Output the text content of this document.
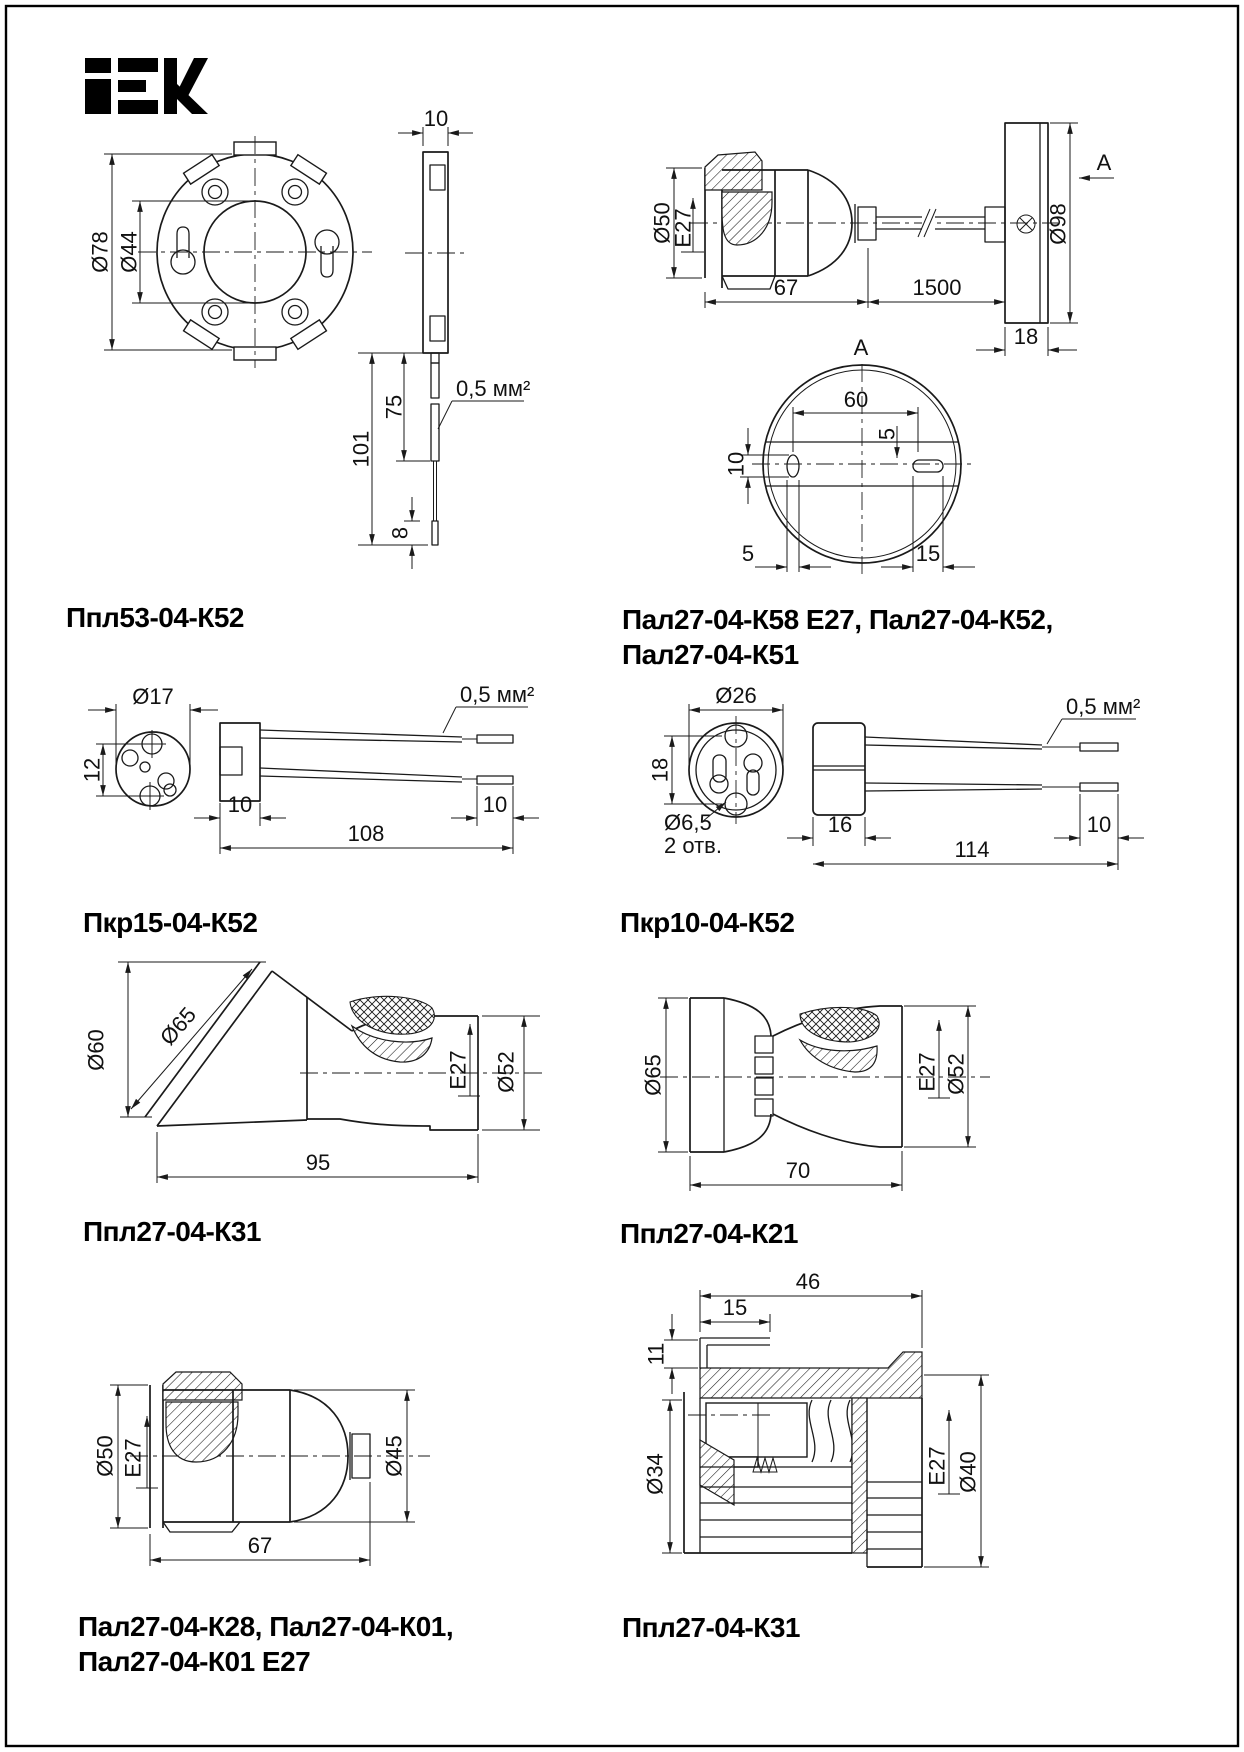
Ø78 Ø44
10
75
101
8
0,5 мм²
Ппл53-04-К52
Е27
Ø50
67	1500
Ø98
18
А
А
60
5
10
5	15
Пал27-04-К58 Е27, Пал27-04-К52,
Пал27-04-К51
Ø17
12
0,5 мм²
10
108
10
Пкр15-04-К52
Ø26
18
Ø6,5
2 отв.
0,5 мм²
16
114
10
Пкр10-04-К52
Ø60
Ø65
Е27 Ø52
95
Ппл27-04-К31
Е27 Ø52
Ø65
70
Ппл27-04-К21
Е27
Ø50	Ø45
67
Пал27-04-К28, Пал27-04-К01,
Пал27-04-К01 Е27
46
15
11
Ø34	Е27 Ø40
Ппл27-04-К31
